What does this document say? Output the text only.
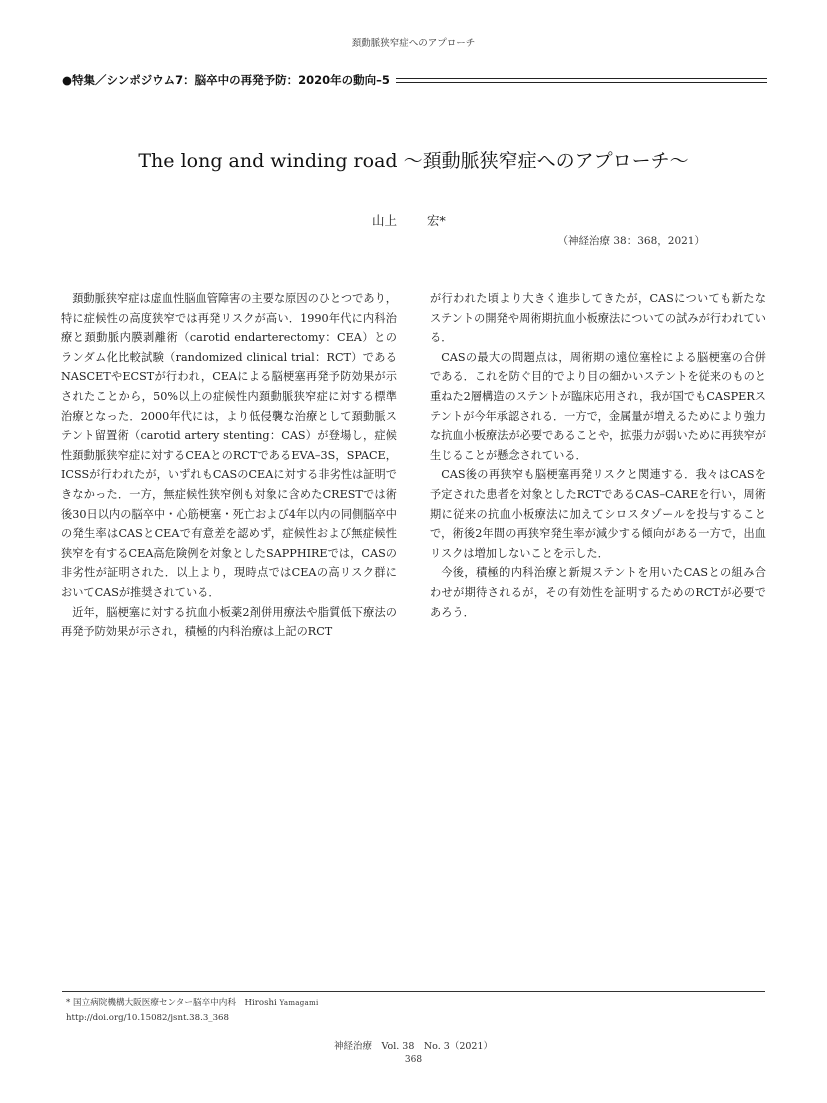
頚動脈狭窄症へのアプローチ
●特集／シンポジウム7：脳卒中の再発予防：2020年の動向–5
The long and winding road ～頚動脈狭窄症へのアプローチ～
山上 宏*
（神経治療 38：368，2021）

頚動脈狭窄症は虚血性脳血管障害の主要な原因のひとつであり，特に症候性の高度狭窄では再発リスクが高い．1990年代に内科治療と頚動脈内膜剥離術（carotid endarterectomy：CEA）とのランダム化比較試験（randomized clinical trial：RCT）であるNASCETやECSTが行われ，CEAによる脳梗塞再発予防効果が示されたことから，50%以上の症候性内頚動脈狭窄症に対する標準治療となった．2000年代には，より低侵襲な治療として頚動脈ステント留置術（carotid artery stenting：CAS）が登場し，症候性頚動脈狭窄症に対するCEAとのRCTであるEVA–3S，SPACE，ICSSが行われたが，いずれもCASのCEAに対する非劣性は証明できなかった．一方，無症候性狭窄例も対象に含めたCRESTでは術後30日以内の脳卒中・心筋梗塞・死亡および4年以内の同側脳卒中の発生率はCASとCEAで有意差を認めず，症候性および無症候性狭窄を有するCEA高危険例を対象としたSAPPHIREでは，CASの非劣性が証明された．以上より，現時点ではCEAの高リスク群においてCASが推奨されている．

近年，脳梗塞に対する抗血小板薬2剤併用療法や脂質低下療法の再発予防効果が示され，積極的内科治療は上記のRCT

が行われた頃より大きく進歩してきたが，CASについても新たなステントの開発や周術期抗血小板療法についての試みが行われている．

CASの最大の問題点は，周術期の遠位塞栓による脳梗塞の合併である．これを防ぐ目的でより目の細かいステントを従来のものと重ねた2層構造のステントが臨床応用され，我が国でもCASPERステントが今年承認される．一方で，金属量が増えるためにより強力な抗血小板療法が必要であることや，拡張力が弱いために再狭窄が生じることが懸念されている．

CAS後の再狭窄も脳梗塞再発リスクと関連する．我々はCASを予定された患者を対象としたRCTであるCAS–CAREを行い，周術期に従来の抗血小板療法に加えてシロスタゾールを投与することで，術後2年間の再狭窄発生率が減少する傾向がある一方で，出血リスクは増加しないことを示した．

今後，積極的内科治療と新規ステントを用いたCASとの組み合わせが期待されるが，その有効性を証明するためのRCTが必要であろう．

* 国立病院機構大阪医療センター脳卒中内科　Hiroshi Yamagami
http://doi.org/10.15082/jsnt.38.3_368
神経治療　Vol. 38　No. 3（2021）
368
